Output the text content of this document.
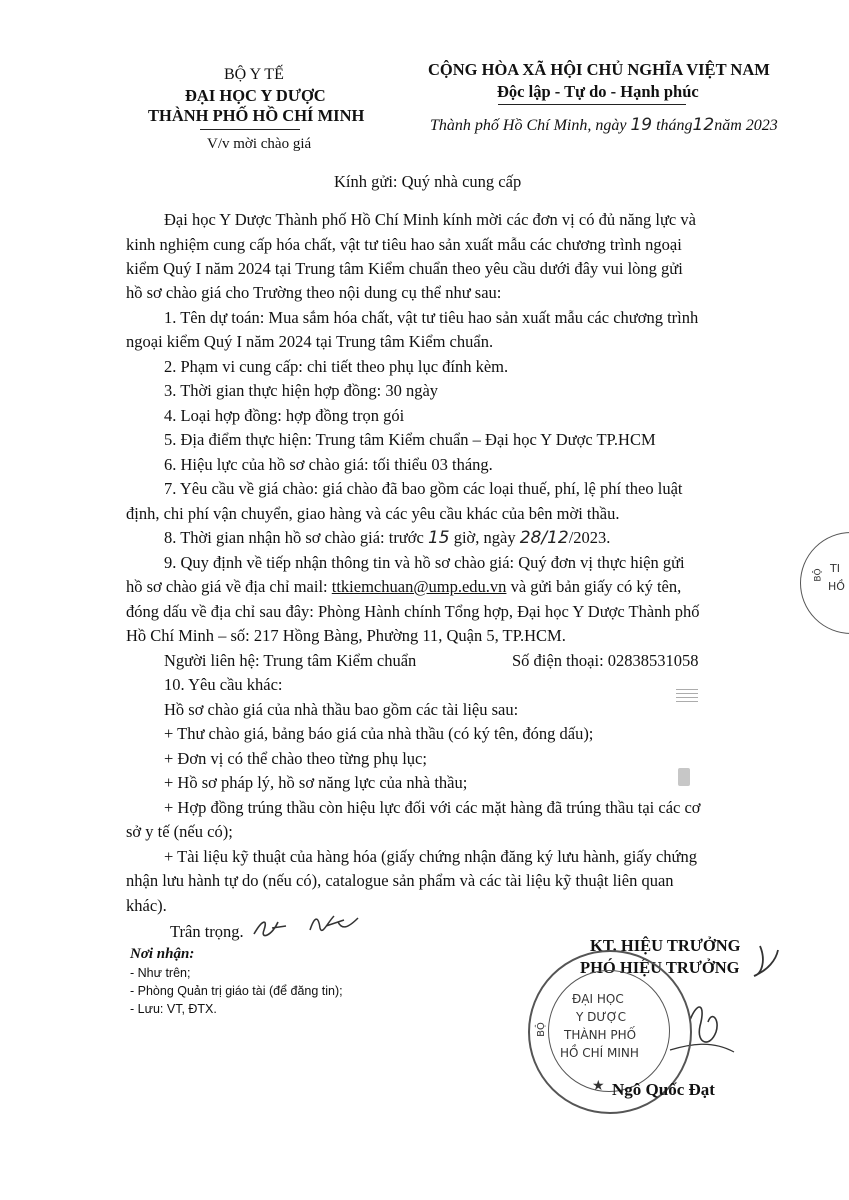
BỘ Y TẾ
ĐẠI HỌC Y DƯỢC
THÀNH PHỐ HỒ CHÍ MINH
V/v mời chào giá
CỘNG HÒA XÃ HỘI CHỦ NGHĨA VIỆT NAM
Độc lập - Tự do - Hạnh phúc
Thành phố Hồ Chí Minh, ngày 19 tháng12năm 2023
Kính gửi: Quý nhà cung cấp
Đại học Y Dược Thành phố Hồ Chí Minh kính mời các đơn vị có đủ năng lực và
kinh nghiệm cung cấp hóa chất, vật tư tiêu hao sản xuất mẫu các chương trình ngoại
kiểm Quý I năm 2024 tại Trung tâm Kiểm chuẩn theo yêu cầu dưới đây vui lòng gửi
hồ sơ chào giá cho Trường theo nội dung cụ thể như sau:
1. Tên dự toán: Mua sắm hóa chất, vật tư tiêu hao sản xuất mẫu các chương trình
ngoại kiểm Quý I năm 2024 tại Trung tâm Kiểm chuẩn.
2. Phạm vi cung cấp: chi tiết theo phụ lục đính kèm.
3. Thời gian thực hiện hợp đồng: 30 ngày
4. Loại hợp đồng: hợp đồng trọn gói
5. Địa điểm thực hiện: Trung tâm Kiểm chuẩn – Đại học Y Dược TP.HCM
6. Hiệu lực của hồ sơ chào giá: tối thiểu 03 tháng.
7. Yêu cầu về giá chào: giá chào đã bao gồm các loại thuế, phí, lệ phí theo luật
định, chi phí vận chuyển, giao hàng và các yêu cầu khác của bên mời thầu.
8. Thời gian nhận hồ sơ chào giá: trước 15 giờ, ngày 28/12/2023.
9. Quy định về tiếp nhận thông tin và hồ sơ chào giá: Quý đơn vị thực hiện gửi
hồ sơ chào giá về địa chỉ mail: ttkiemchuan@ump.edu.vn và gửi bản giấy có ký tên,
đóng dấu về địa chỉ sau đây: Phòng Hành chính Tổng hợp, Đại học Y Dược Thành phố
Hồ Chí Minh – số: 217 Hồng Bàng, Phường 11, Quận 5, TP.HCM.
Người liên hệ: Trung tâm Kiểm chuẩn	Số điện thoại: 02838531058
10. Yêu cầu khác:
Hồ sơ chào giá của nhà thầu bao gồm các tài liệu sau:
+ Thư chào giá, bảng báo giá của nhà thầu (có ký tên, đóng dấu);
+ Đơn vị có thể chào theo từng phụ lục;
+ Hồ sơ pháp lý, hồ sơ năng lực của nhà thầu;
+ Hợp đồng trúng thầu còn hiệu lực đối với các mặt hàng đã trúng thầu tại các cơ
sở y tế (nếu có);
+ Tài liệu kỹ thuật của hàng hóa (giấy chứng nhận đăng ký lưu hành, giấy chứng
nhận lưu hành tự do (nếu có), catalogue sản phẩm và các tài liệu kỹ thuật liên quan
khác).
Trân trọng.
Nơi nhận:
- Như trên;
- Phòng Quản trị giáo tài (để đăng tin);
- Lưu: VT, ĐTX.
KT. HIỆU TRƯỞNG
PHÓ HIỆU TRƯỞNG
ĐẠI HỌC
Y DƯỢC
THÀNH PHỐ
HỒ CHÍ MINH
BỘ
★ Ngô Quốc Đạt
BỘ TI
HỒ
